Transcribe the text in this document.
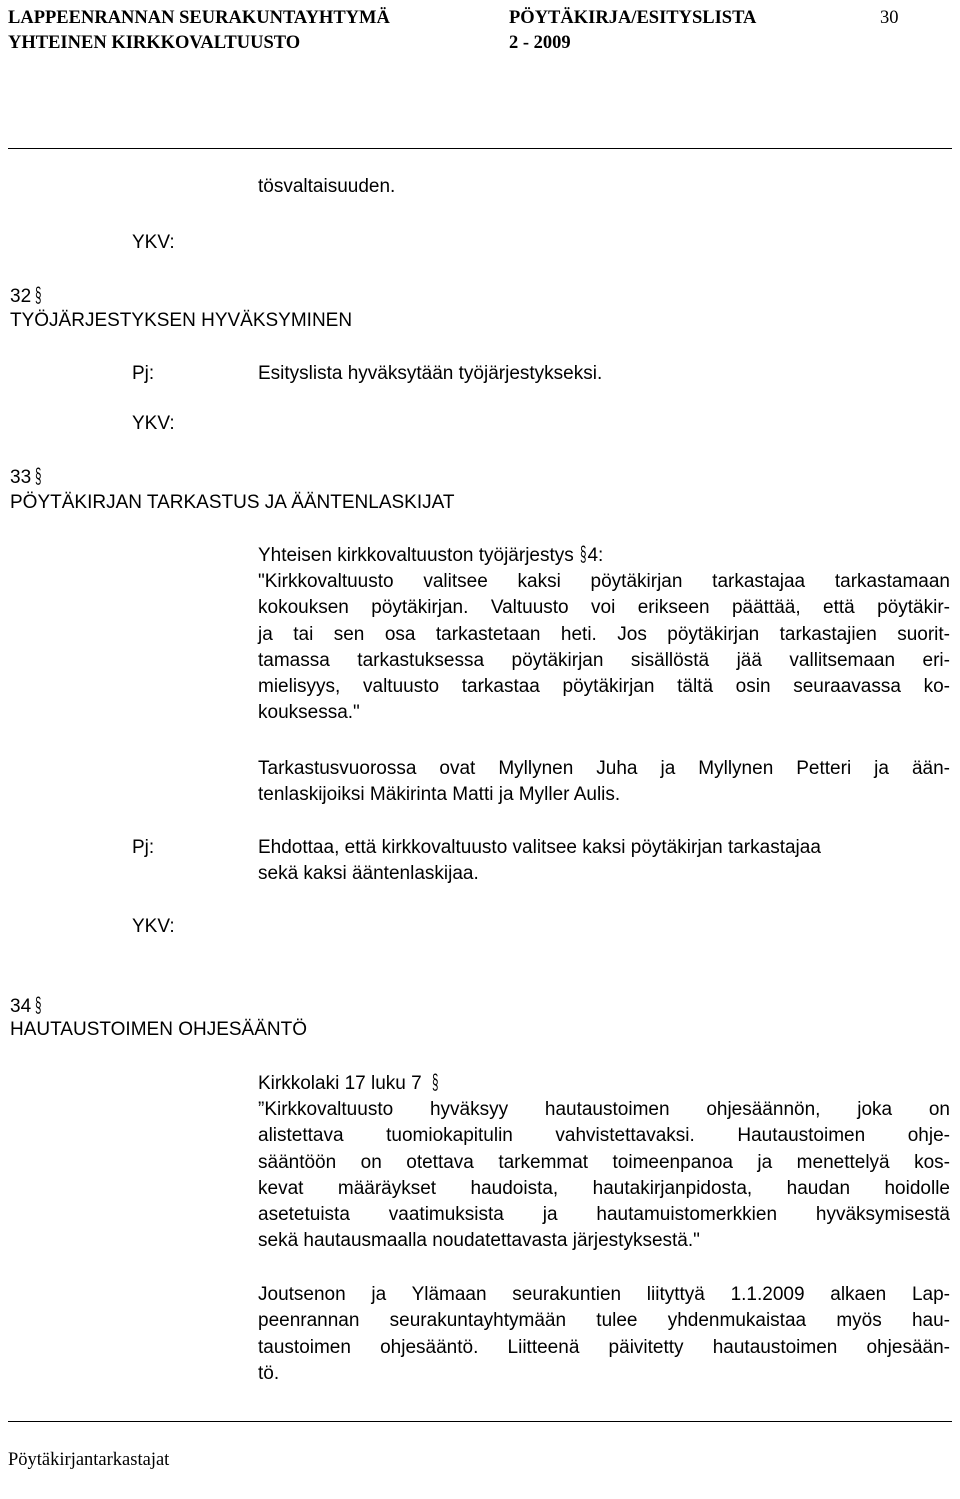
LAPPEENRANNAN SEURAKUNTAYHTYMÄ
YHTEINEN KIRKKOVALTUUSTO
PÖYTÄKIRJA/ESITYSLISTA
2 - 2009
30
tösvaltaisuuden.
YKV:
32 §
TYÖJÄRJESTYKSEN HYVÄKSYMINEN
Pj:	Esityslista hyväksytään työjärjestykseksi.
YKV:
33 §
PÖYTÄKIRJAN TARKASTUS JA ÄÄNTENLASKIJAT
Yhteisen kirkkovaltuuston työjärjestys §4:
"Kirkkovaltuusto valitsee kaksi pöytäkirjan tarkastajaa tarkastamaan
kokouksen pöytäkirjan. Valtuusto voi erikseen päättää, että pöytäkir-
ja tai sen osa tarkastetaan heti. Jos pöytäkirjan tarkastajien suorit-
tamassa tarkastuksessa pöytäkirjan sisällöstä jää vallitsemaan eri-
mielisyys, valtuusto tarkastaa pöytäkirjan tältä osin seuraavassa ko-
kouksessa."
Tarkastusvuorossa ovat Myllynen Juha ja Myllynen Petteri ja ään-
tenlaskijoiksi Mäkirinta Matti ja Myller Aulis.
Pj:	Ehdottaa, että kirkkovaltuusto valitsee kaksi pöytäkirjan tarkastajaa
sekä kaksi ääntenlaskijaa.
YKV:
34 §
HAUTAUSTOIMEN OHJESÄÄNTÖ
Kirkkolaki 17 luku 7 §
”Kirkkovaltuusto hyväksyy hautaustoimen ohjesäännön, joka on
alistettava tuomiokapitulin vahvistettavaksi. Hautaustoimen ohje-
sääntöön on otettava tarkemmat toimeenpanoa ja menettelyä kos-
kevat määräykset haudoista, hautakirjanpidosta, haudan hoidolle
asetetuista vaatimuksista ja hautamuistomerkkien hyväksymisestä
sekä hautausmaalla noudatettavasta järjestyksestä."
Joutsenon ja Ylämaan seurakuntien liityttyä 1.1.2009 alkaen Lap-
peenrannan seurakuntayhtymään tulee yhdenmukaistaa myös hau-
taustoimen ohjesääntö. Liitteenä päivitetty hautaustoimen ohjesään-
tö.
Pöytäkirjantarkastajat
